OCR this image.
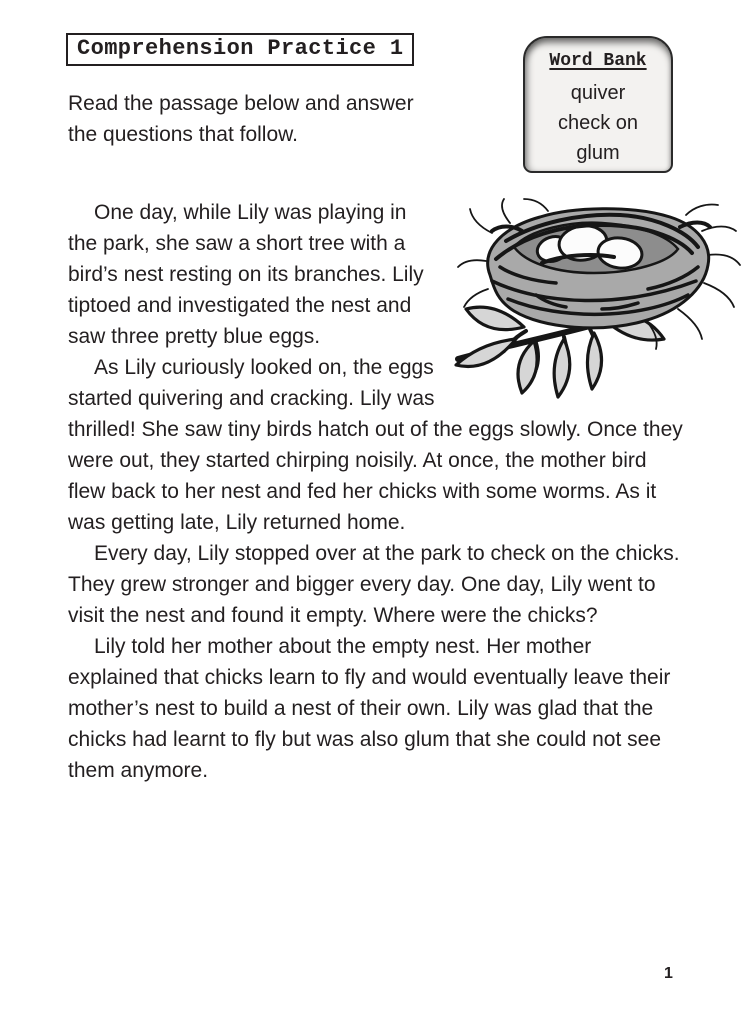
Comprehension Practice 1	Word Bank
quiver
check on
glum
Read the passage below and answer the questions that follow.

One day, while Lily was playing in the park, she saw a short tree with a bird’s nest resting on its branches. Lily tiptoed and investigated the nest and saw three pretty blue eggs.

As Lily curiously looked on, the eggs started quivering and cracking. Lily was thrilled! She saw tiny birds hatch out of the eggs slowly. Once they were out, they started chirping noisily. At once, the mother bird flew back to her nest and fed her chicks with some worms. As it was getting late, Lily returned home.

Every day, Lily stopped over at the park to check on the chicks. They grew stronger and bigger every day. One day, Lily went to visit the nest and found it empty. Where were the chicks?

Lily told her mother about the empty nest. Her mother explained that chicks learn to fly and would eventually leave their mother’s nest to build a nest of their own. Lily was glad that the chicks had learnt to fly but was also glum that she could not see them anymore.

1
